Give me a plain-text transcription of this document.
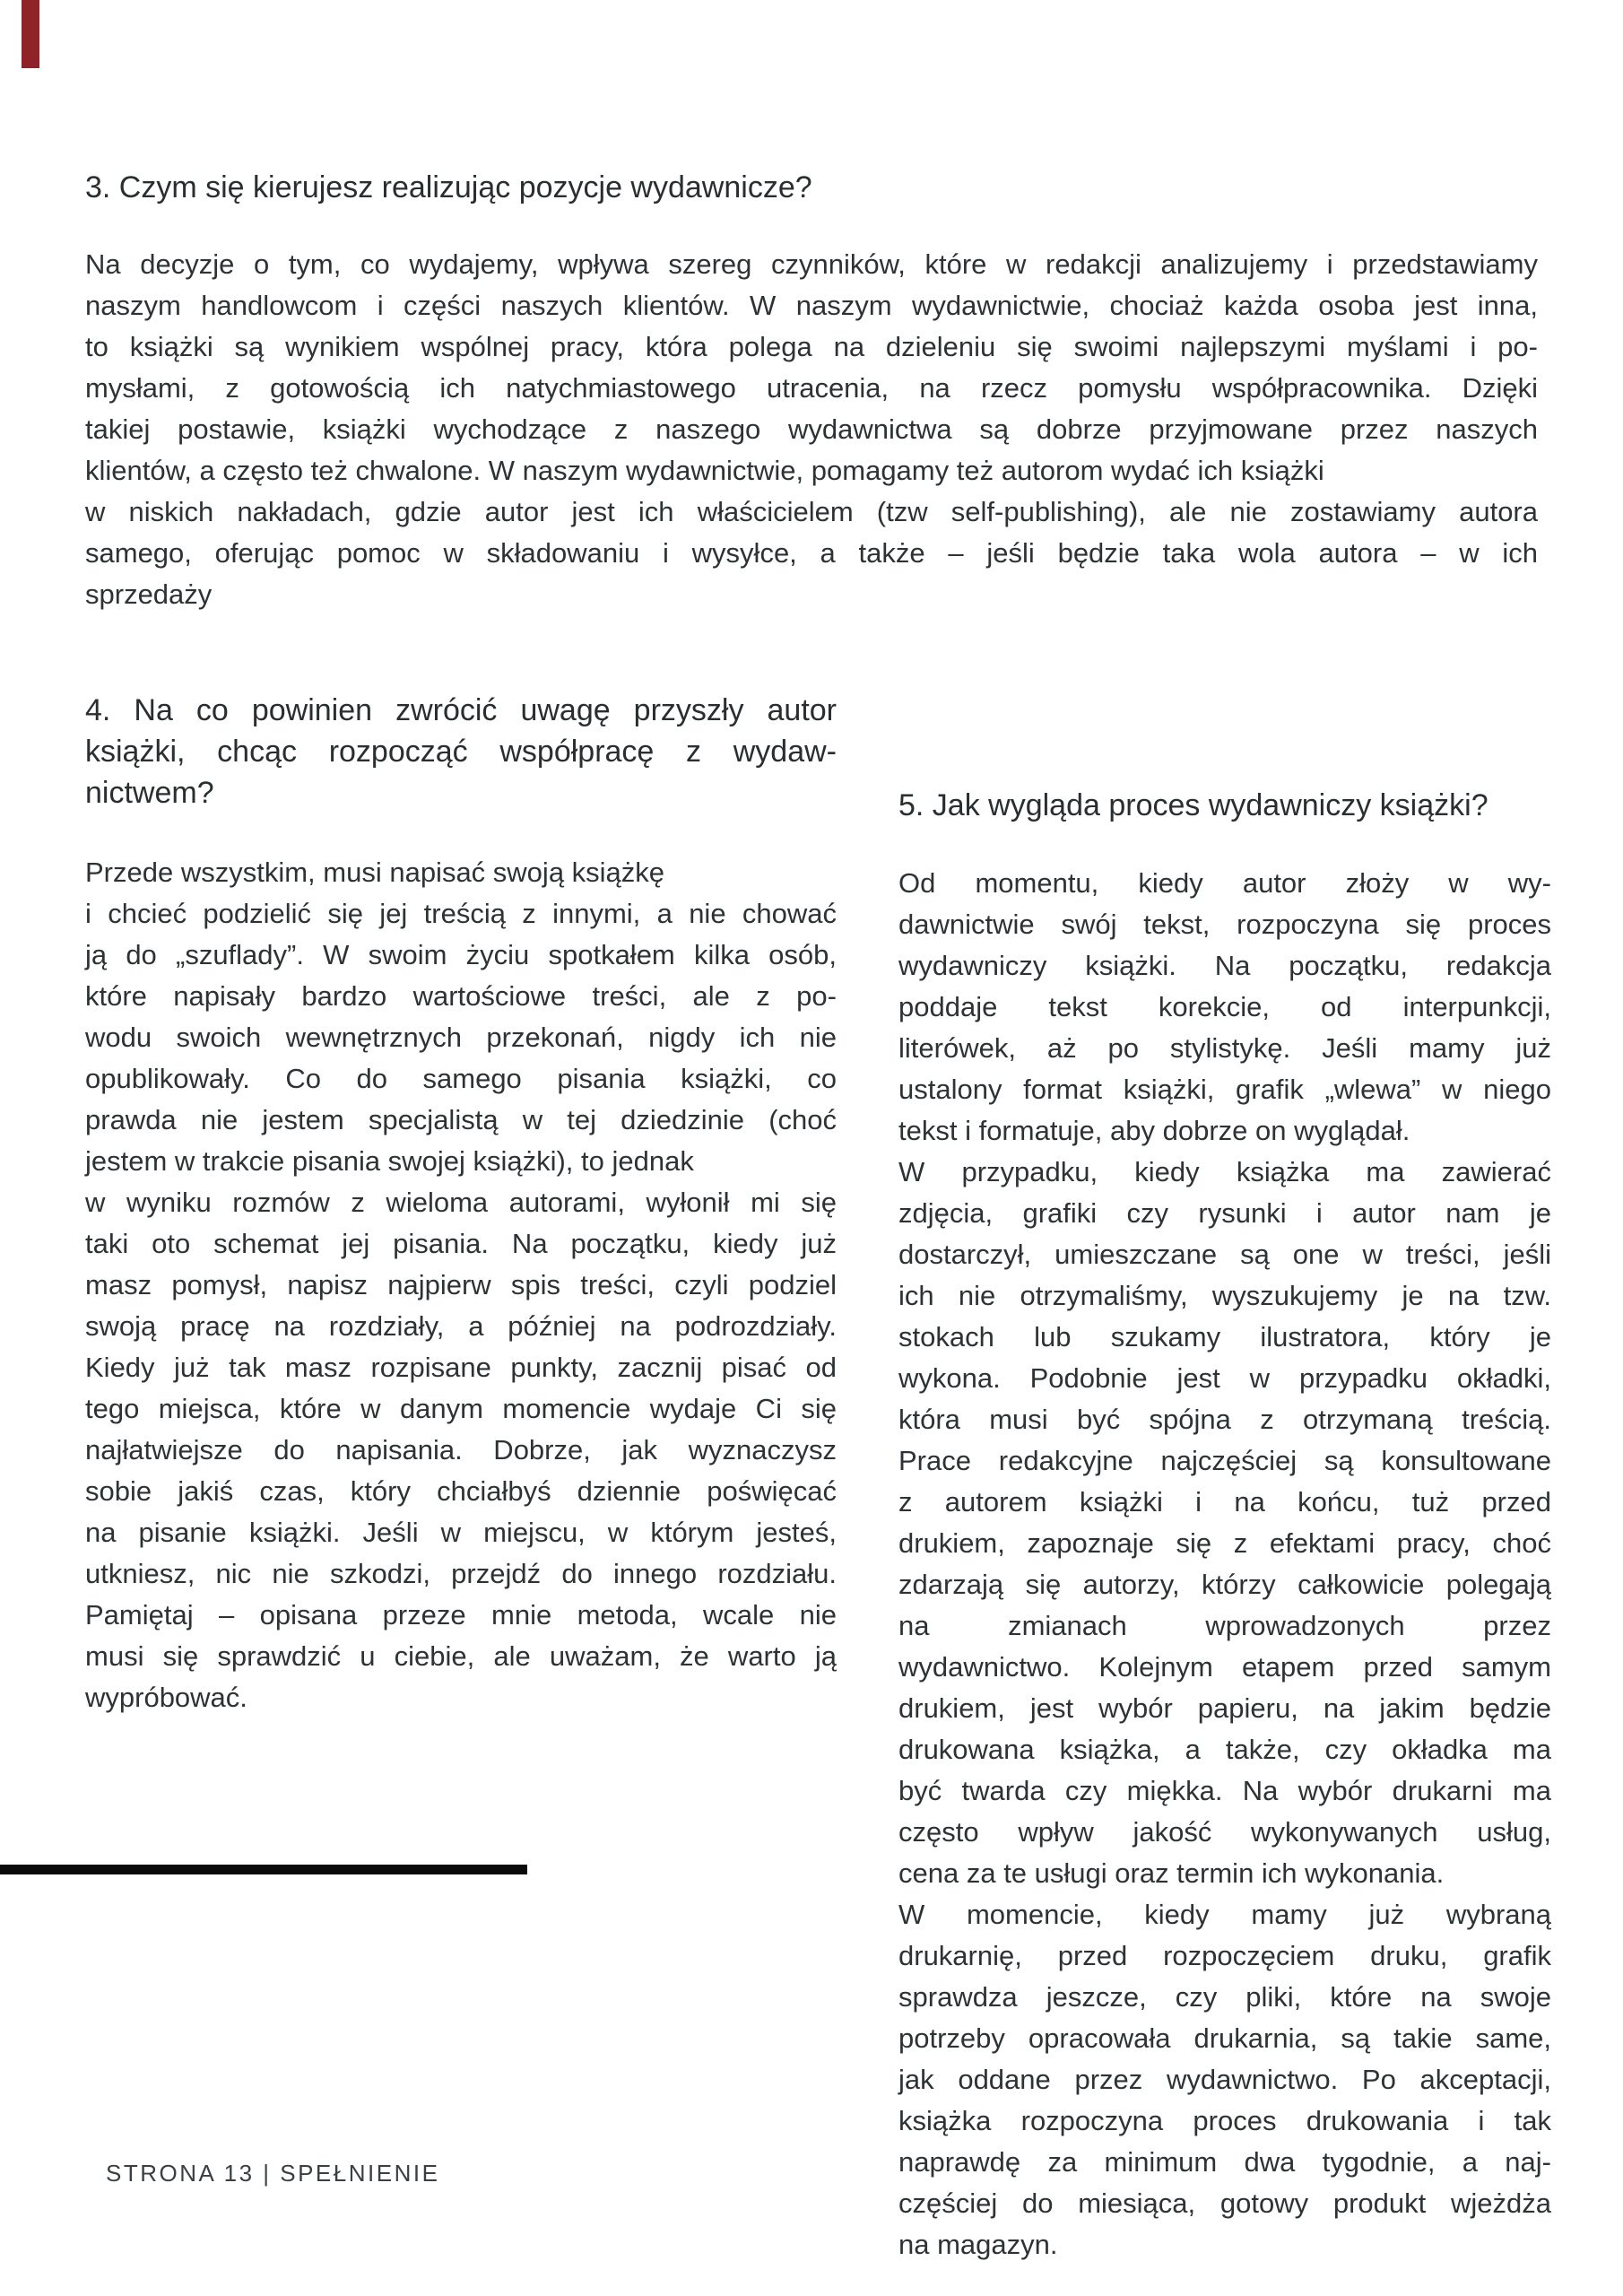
3. Czym się kierujesz realizując pozycje wydawnicze?
Na decyzje o tym, co wydajemy, wpływa szereg czynników, które w redakcji analizujemy i przedstawiamy
naszym handlowcom i części naszych klientów. W naszym wydawnictwie, chociaż każda osoba jest inna,
to książki są wynikiem wspólnej pracy, która polega na dzieleniu się swoimi najlepszymi myślami i po-
mysłami, z gotowością ich natychmiastowego utracenia, na rzecz pomysłu współpracownika. Dzięki
takiej postawie, książki wychodzące z naszego wydawnictwa są dobrze przyjmowane przez naszych
klientów, a często też chwalone. W naszym wydawnictwie, pomagamy też autorom wydać ich książki
w niskich nakładach, gdzie autor jest ich właścicielem (tzw self-publishing), ale nie zostawiamy autora
samego, oferując pomoc w składowaniu i wysyłce, a także – jeśli będzie taka wola autora – w ich
sprzedaży
4. Na co powinien zwrócić uwagę przyszły autor
książki, chcąc rozpocząć współpracę z wydaw-
nictwem?
Przede wszystkim, musi napisać swoją książkę
i chcieć podzielić się jej treścią z innymi, a nie chować
ją do „szuflady”. W swoim życiu spotkałem kilka osób,
które napisały bardzo wartościowe treści, ale z po-
wodu swoich wewnętrznych przekonań, nigdy ich nie
opublikowały. Co do samego pisania książki, co
prawda nie jestem specjalistą w tej dziedzinie (choć
jestem w trakcie pisania swojej książki), to jednak
w wyniku rozmów z wieloma autorami, wyłonił mi się
taki oto schemat jej pisania. Na początku, kiedy już
masz pomysł, napisz najpierw spis treści, czyli podziel
swoją pracę na rozdziały, a później na podrozdziały.
Kiedy już tak masz rozpisane punkty, zacznij pisać od
tego miejsca, które w danym momencie wydaje Ci się
najłatwiejsze do napisania. Dobrze, jak wyznaczysz
sobie jakiś czas, który chciałbyś dziennie poświęcać
na pisanie książki. Jeśli w miejscu, w którym jesteś,
utkniesz, nic nie szkodzi, przejdź do innego rozdziału.
Pamiętaj – opisana przeze mnie metoda, wcale nie
musi się sprawdzić u ciebie, ale uważam, że warto ją
wypróbować.
5. Jak wygląda proces wydawniczy książki?
Od momentu, kiedy autor złoży w wy-
dawnictwie swój tekst, rozpoczyna się proces
wydawniczy książki. Na początku, redakcja
poddaje tekst korekcie, od interpunkcji,
literówek, aż po stylistykę. Jeśli mamy już
ustalony format książki, grafik „wlewa” w niego
tekst i formatuje, aby dobrze on wyglądał.
W przypadku, kiedy książka ma zawierać
zdjęcia, grafiki czy rysunki i autor nam je
dostarczył, umieszczane są one w treści, jeśli
ich nie otrzymaliśmy, wyszukujemy je na tzw.
stokach lub szukamy ilustratora, który je
wykona. Podobnie jest w przypadku okładki,
która musi być spójna z otrzymaną treścią.
Prace redakcyjne najczęściej są konsultowane
z autorem książki i na końcu, tuż przed
drukiem, zapoznaje się z efektami pracy, choć
zdarzają się autorzy, którzy całkowicie polegają
na zmianach wprowadzonych przez
wydawnictwo. Kolejnym etapem przed samym
drukiem, jest wybór papieru, na jakim będzie
drukowana książka, a także, czy okładka ma
być twarda czy miękka. Na wybór drukarni ma
często wpływ jakość wykonywanych usług,
cena za te usługi oraz termin ich wykonania.
W momencie, kiedy mamy już wybraną
drukarnię, przed rozpoczęciem druku, grafik
sprawdza jeszcze, czy pliki, które na swoje
potrzeby opracowała drukarnia, są takie same,
jak oddane przez wydawnictwo. Po akceptacji,
książka rozpoczyna proces drukowania i tak
naprawdę za minimum dwa tygodnie, a naj-
częściej do miesiąca, gotowy produkt wjeżdża
na magazyn.
STRONA 13 | SPEŁNIENIE
